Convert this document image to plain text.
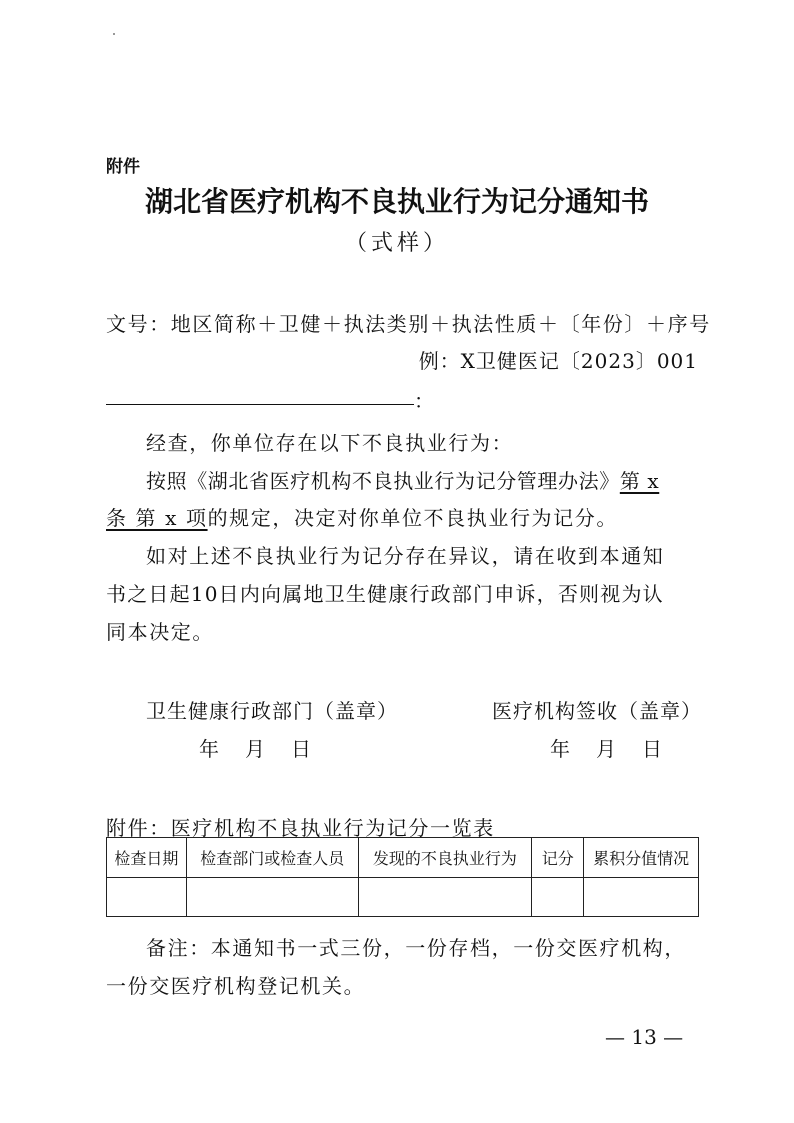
附件
湖北省医疗机构不良执业行为记分通知书
（式样）
文号：地区简称＋卫健＋执法类别＋执法性质＋〔年份〕＋序号
例：X卫健医记〔2023〕001
：
经查，你单位存在以下不良执业行为：
按照《湖北省医疗机构不良执业行为记分管理办法》第 x
条 第 x 项的规定，决定对你单位不良执业行为记分。
如对上述不良执业行为记分存在异议，请在收到本通知
书之日起10日内向属地卫生健康行政部门申诉，否则视为认
同本决定。
卫生健康行政部门（盖章）
年　月　日
医疗机构签收（盖章）
年　月　日
附件：医疗机构不良执业行为记分一览表
检查日期	检查部门或检查人员	发现的不良执业行为	记分	累积分值情况

备注：本通知书一式三份，一份存档，一份交医疗机构，
一份交医疗机构登记机关。
— 13 —
